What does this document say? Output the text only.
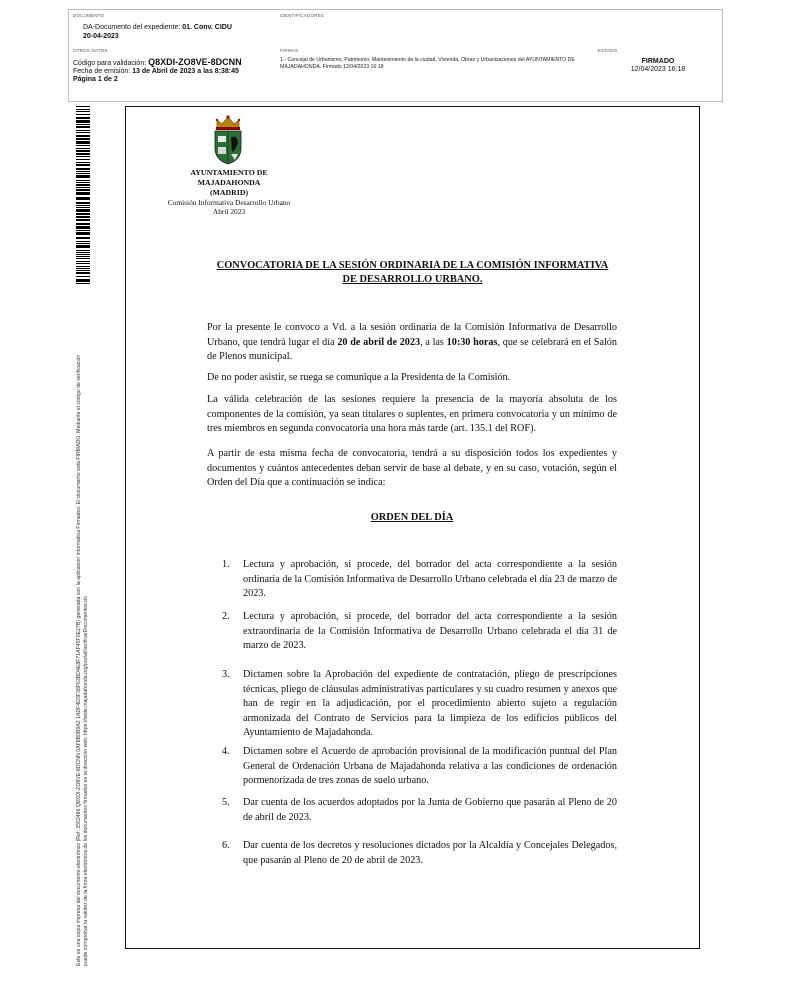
DOCUMENTO
DA-Documento del expediente: 01. Conv. CIDU
20-04-2023
IDENTIFICADORES
OTROS DATOS
Código para validación: Q8XDI-ZO8VE-8DCNN
Fecha de emisión: 13 de Abril de 2023 a las 8:38:45
Página 1 de 2
FIRMAS
1.- Concejal de Urbanismo, Patrimonio, Mantenimiento de la ciudad, Vivienda, Obras y Urbanizaciones del AYUNTAMIENTO DE MAJADAHONDA. Firmado 12/04/2023 16:18
ESTADO
FIRMADO
12/04/2023 16:18
Este es una copia impresa del documento electrónico (Ref: 2552486 Q8XDI-ZO8VE-8DCNN 0AF8B0B9A2 1ADF4D3F38F63BD4E8F71AF45F0E27B) generada con la aplicación informática Firmadoc. El documento está FIRMADO. Mediante el código de verificación puede comprobar la validez de la firma electrónica de los documentos firmados en la dirección web: https://sede.majadahonda.org/portal/verificarDocumentos.do
AYUNTAMIENTO DE
MAJADAHONDA
(MADRID)
Comisión Informativa Desarrollo Urbano
Abril 2023
CONVOCATORIA DE LA SESIÓN ORDINARIA DE LA COMISIÓN INFORMATIVA
DE DESARROLLO URBANO.

Por la presente le convoco a Vd. a la sesión ordinaria de la Comisión Informativa de Desarrollo Urbano, que tendrá lugar el día 20 de abril de 2023, a las 10:30 horas, que se celebrará en el Salón de Plenos municipal.

De no poder asistir, se ruega se comunique a la Presidenta de la Comisión.

La válida celebración de las sesiones requiere la presencia de la mayoría absoluta de los componentes de la comisión, ya sean titulares o suplentes, en primera convocatoria y un mínimo de tres miembros en segunda convocatoria una hora más tarde (art. 135.1 del ROF).

A partir de esta misma fecha de convocatoria, tendrá a su disposición todos los expedientes y documentos y cuántos antecedentes deban servir de base al debate, y en su caso, votación, según el Orden del Día que a continuación se indica:

ORDEN DEL DÍA
1.	Lectura y aprobación, si procede, del borrador del acta correspondiente a la sesión ordinaria de la Comisión Informativa de Desarrollo Urbano celebrada el día 23 de marzo de 2023.
2.	Lectura y aprobación, si procede, del borrador del acta correspondiente a la sesión extraordinaria de la Comisión Informativa de Desarrollo Urbano celebrada el día 31 de marzo de 2023.
3.	Dictamen sobre la Aprobación del expediente de contratación, pliego de prescripciones técnicas, pliego de cláusulas administrativas particulares y su cuadro resumen y anexos que han de regir en la adjudicación, por el procedimiento abierto sujeto a regulación armonizada del Contrato de Servicios para la limpieza de los edificios públicos del Ayuntamiento de Majadahonda.
4.	Dictamen sobre el Acuerdo de aprobación provisional de la modificación puntual del Plan General de Ordenación Urbana de Majadahonda relativa a las condiciones de ordenación pormenorizada de tres zonas de suelo urbano.
5.	Dar cuenta de los acuerdos adoptados por la Junta de Gobierno que pasarán al Pleno de 20 de abril de 2023.
6.	Dar cuenta de los decretos y resoluciones dictados por la Alcaldía y Concejales Delegados, que pasarán al Pleno de 20 de abril de 2023.
